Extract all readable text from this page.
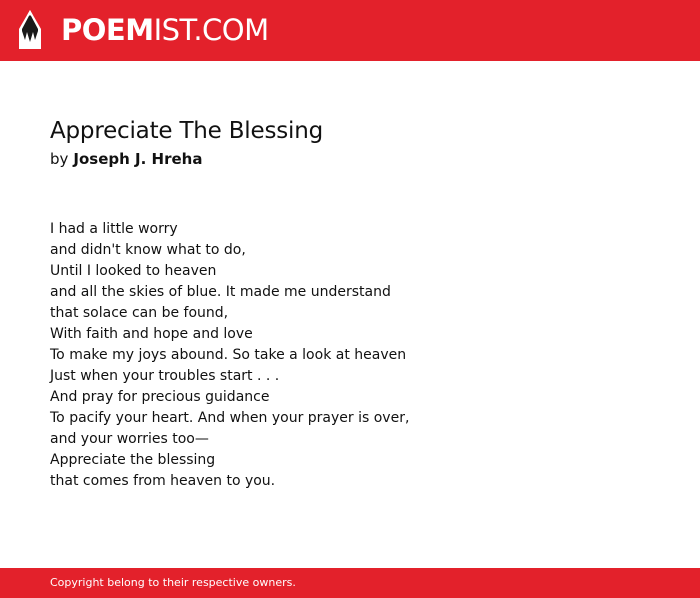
POEMIST.COM
Appreciate The Blessing
by Joseph J. Hreha
I had a little worry
and didn't know what to do,
Until I looked to heaven
and all the skies of blue. It made me understand
that solace can be found,
With faith and hope and love
To make my joys abound. So take a look at heaven
Just when your troubles start . . .
And pray for precious guidance
To pacify your heart. And when your prayer is over,
and your worries too—
Appreciate the blessing
that comes from heaven to you.
Copyright belong to their respective owners.
